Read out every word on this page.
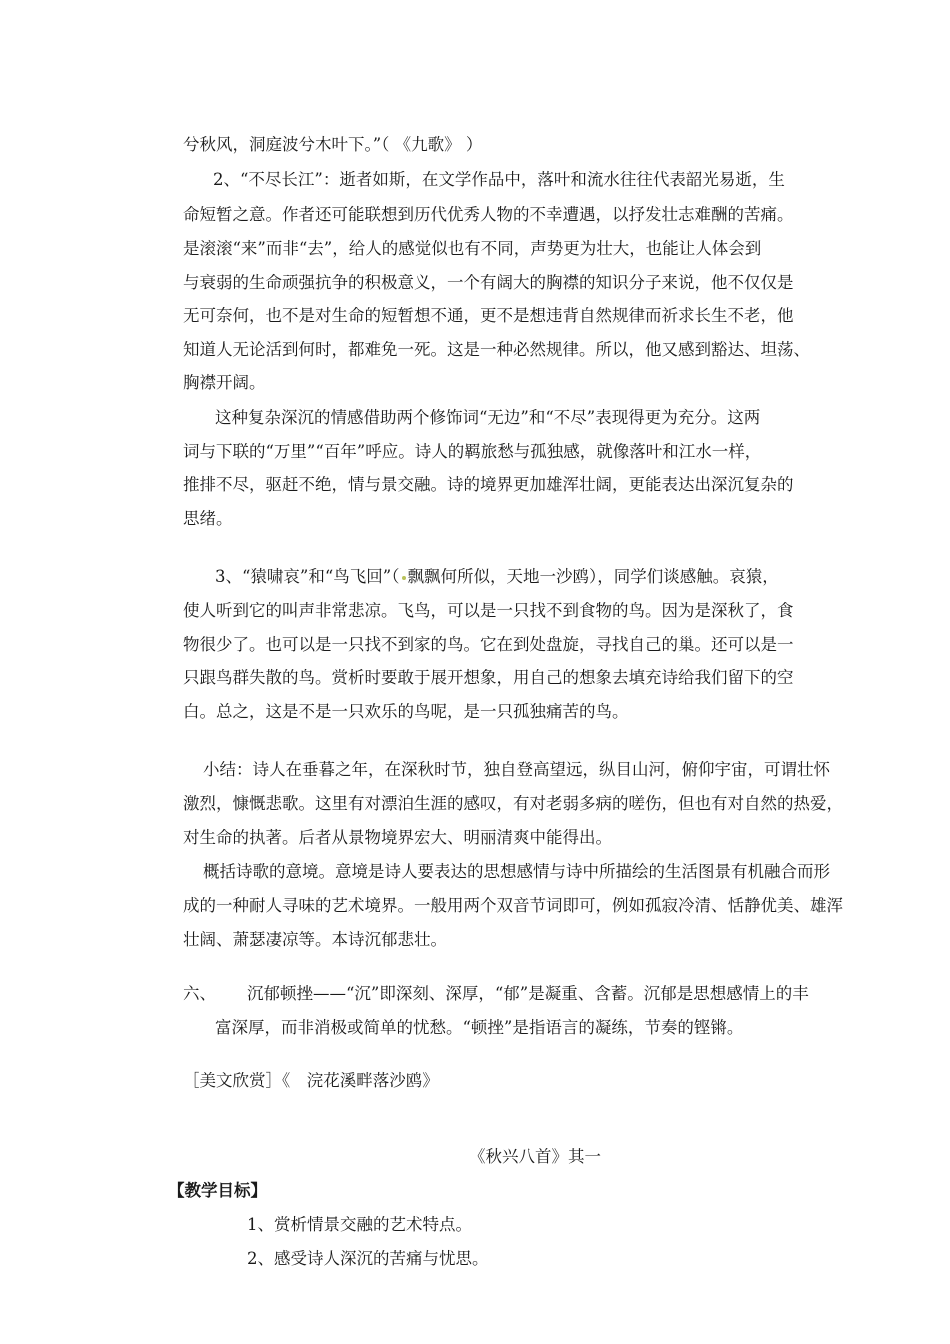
兮秋风，洞庭波兮木叶下。”（ 《九歌》 ）
2、“不尽长江”：逝者如斯，在文学作品中，落叶和流水往往代表韶光易逝，生
命短暂之意。作者还可能联想到历代优秀人物的不幸遭遇，以抒发壮志难酬的苦痛。
是滚滚“来”而非“去”，给人的感觉似也有不同，声势更为壮大，也能让人体会到
与衰弱的生命顽强抗争的积极意义，一个有阔大的胸襟的知识分子来说，他不仅仅是
无可奈何，也不是对生命的短暂想不通，更不是想违背自然规律而祈求长生不老，他
知道人无论活到何时，都难免一死。这是一种必然规律。所以，他又感到豁达、坦荡、
胸襟开阔。
这种复杂深沉的情感借助两个修饰词“无边”和“不尽”表现得更为充分。这两
词与下联的“万里”“百年”呼应。诗人的羁旅愁与孤独感，就像落叶和江水一样，
推排不尽，驱赶不绝，情与景交融。诗的境界更加雄浑壮阔，更能表达出深沉复杂的
思绪。
3、“猿啸哀”和“鸟飞回”（ 飘飘何所似，天地一沙鸥），同学们谈感触。哀猿，
使人听到它的叫声非常悲凉。飞鸟，可以是一只找不到食物的鸟。因为是深秋了，食
物很少了。也可以是一只找不到家的鸟。它在到处盘旋，寻找自己的巢。还可以是一
只跟鸟群失散的鸟。赏析时要敢于展开想象，用自己的想象去填充诗给我们留下的空
白。总之，这是不是一只欢乐的鸟呢，是一只孤独痛苦的鸟。
小结：诗人在垂暮之年，在深秋时节，独自登高望远，纵目山河，俯仰宇宙，可谓壮怀
激烈，慷慨悲歌。这里有对漂泊生涯的感叹，有对老弱多病的嗟伤，但也有对自然的热爱，
对生命的执著。后者从景物境界宏大、明丽清爽中能得出。
概括诗歌的意境。意境是诗人要表达的思想感情与诗中所描绘的生活图景有机融合而形
成的一种耐人寻味的艺术境界。一般用两个双音节词即可，例如孤寂冷清、恬静优美、雄浑
壮阔、萧瑟凄凉等。本诗沉郁悲壮。
六、 沉郁顿挫——“沉”即深刻、深厚，“郁”是凝重、含蓄。沉郁是思想感情上的丰
富深厚，而非消极或简单的忧愁。“顿挫”是指语言的凝练，节奏的铿锵。
［美文欣赏］《　浣花溪畔落沙鸥》
《秋兴八首》其一
【教学目标】
1、赏析情景交融的艺术特点。
2、感受诗人深沉的苦痛与忧思。
